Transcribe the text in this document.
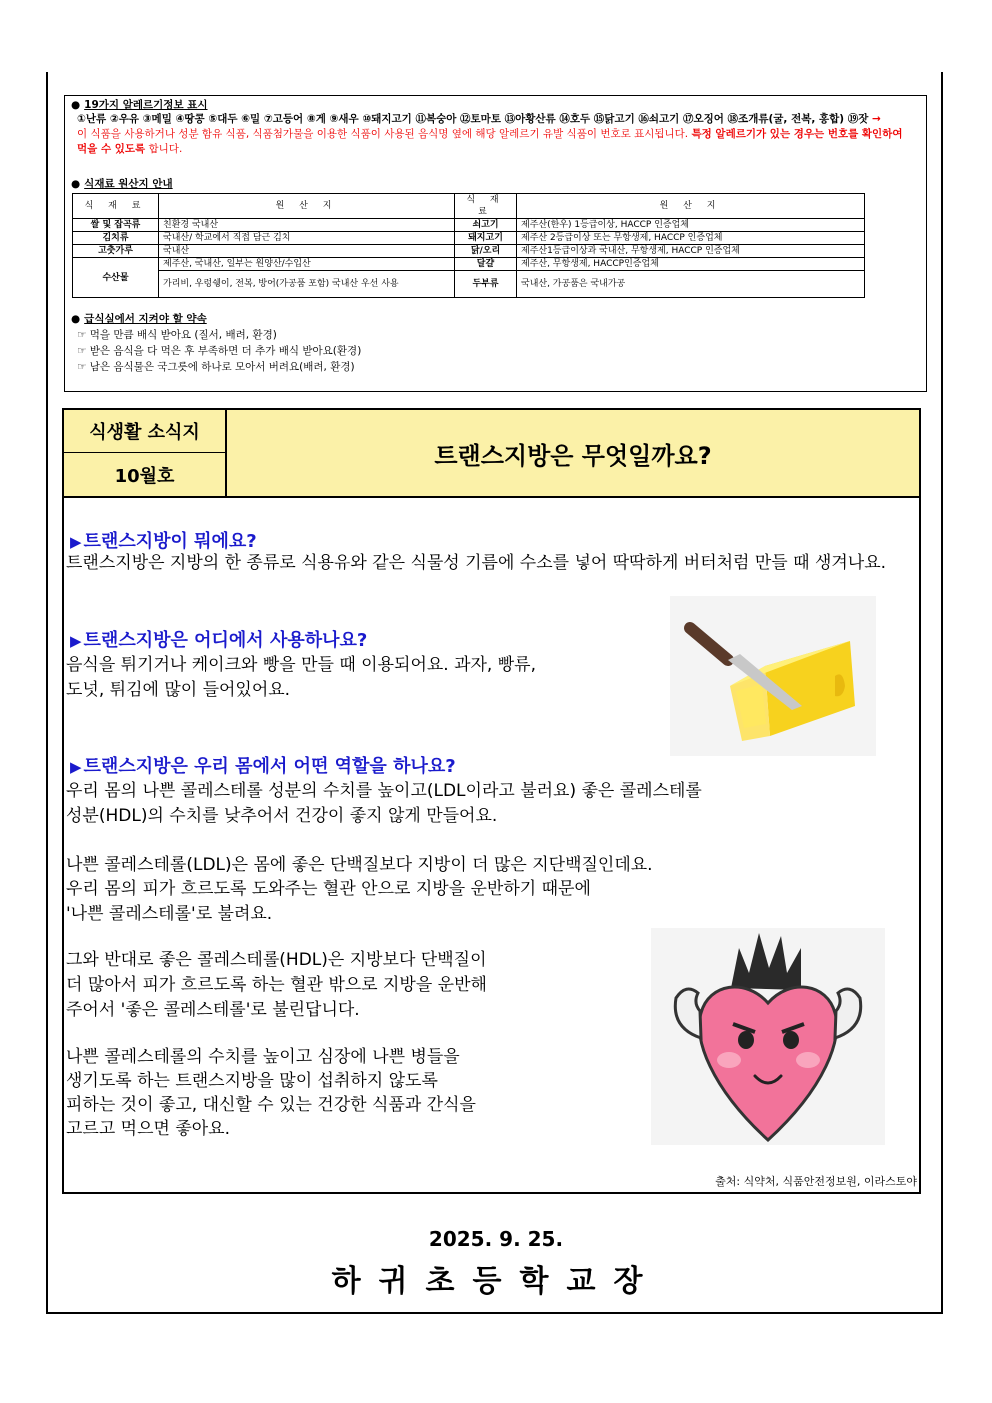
● 19가지 알레르기정보 표시
①난류 ②우유 ③메밀 ④땅콩 ⑤대두 ⑥밀 ⑦고등어 ⑧게 ⑨새우 ⑩돼지고기 ⑪복숭아 ⑫토마토 ⑬아황산류 ⑭호두 ⑮닭고기 ⑯쇠고기 ⑰오징어 ⑱조개류(굴, 전복, 홍합) ⑲잣 →
이 식품을 사용하거나 성분 함유 식품, 식품첨가물을 이용한 식품이 사용된 음식명 옆에 해당 알레르기 유발 식품이 번호로 표시됩니다. 특정 알레르기가 있는 경우는 번호를 확인하여 먹을 수 있도록 합니다.
● 식재료 원산지 안내
식 재 료	원 산 지	식 재 료	원 산 지
쌀 및 잡곡류	친환경 국내산	쇠고기	제주산(한우) 1등급이상, HACCP 인증업체
김치류	국내산/ 학교에서 직접 담근 김치	돼지고기	제주산 2등급이상 또는 무항생제, HACCP 인증업체
고춧가루	국내산	닭/오리	제주산1등급이상과 국내산, 무항생제, HACCP 인증업체
수산물	제주산, 국내산, 일부는 원양산/수입산	달걀	제주산, 무항생제, HACCP인증업체
	가리비, 우렁쉥이, 전복, 방어(가공품 포함) 국내산 우선 사용	두부류	국내산, 가공품은 국내가공
● 급식실에서 지켜야 할 약속
☞ 먹을 만큼 배식 받아요 (질서, 배려, 환경)
☞ 받은 음식을 다 먹은 후 부족하면 더 추가 배식 받아요(환경)
☞ 남은 음식물은 국그릇에 하나로 모아서 버려요(배려, 환경)
식생활 소식지
10월호
트랜스지방은 무엇일까요?
▶ 트랜스지방이 뭐에요?
트랜스지방은 지방의 한 종류로 식용유와 같은 식물성 기름에 수소를 넣어 딱딱하게 버터처럼 만들 때 생겨나요.
▶ 트랜스지방은 어디에서 사용하나요?
음식을 튀기거나 케이크와 빵을 만들 때 이용되어요. 과자, 빵류,
도넛, 튀김에 많이 들어있어요.
▶ 트랜스지방은 우리 몸에서 어떤 역할을 하나요?
우리 몸의 나쁜 콜레스테롤 성분의 수치를 높이고(LDL이라고 불러요) 좋은 콜레스테롤
성분(HDL)의 수치를 낮추어서 건강이 좋지 않게 만들어요.
나쁜 콜레스테롤(LDL)은 몸에 좋은 단백질보다 지방이 더 많은 지단백질인데요.
우리 몸의 피가 흐르도록 도와주는 혈관 안으로 지방을 운반하기 때문에
'나쁜 콜레스테롤'로 불려요.
그와 반대로 좋은 콜레스테롤(HDL)은 지방보다 단백질이
더 많아서 피가 흐르도록 하는 혈관 밖으로 지방을 운반해
주어서 '좋은 콜레스테롤'로 불린답니다.
나쁜 콜레스테롤의 수치를 높이고 심장에 나쁜 병들을
생기도록 하는 트랜스지방을 많이 섭취하지 않도록
피하는 것이 좋고, 대신할 수 있는 건강한 식품과 간식을
고르고 먹으면 좋아요.
출처: 식약처, 식품안전정보원, 이라스토야
2025. 9. 25.
하귀초등학교장
